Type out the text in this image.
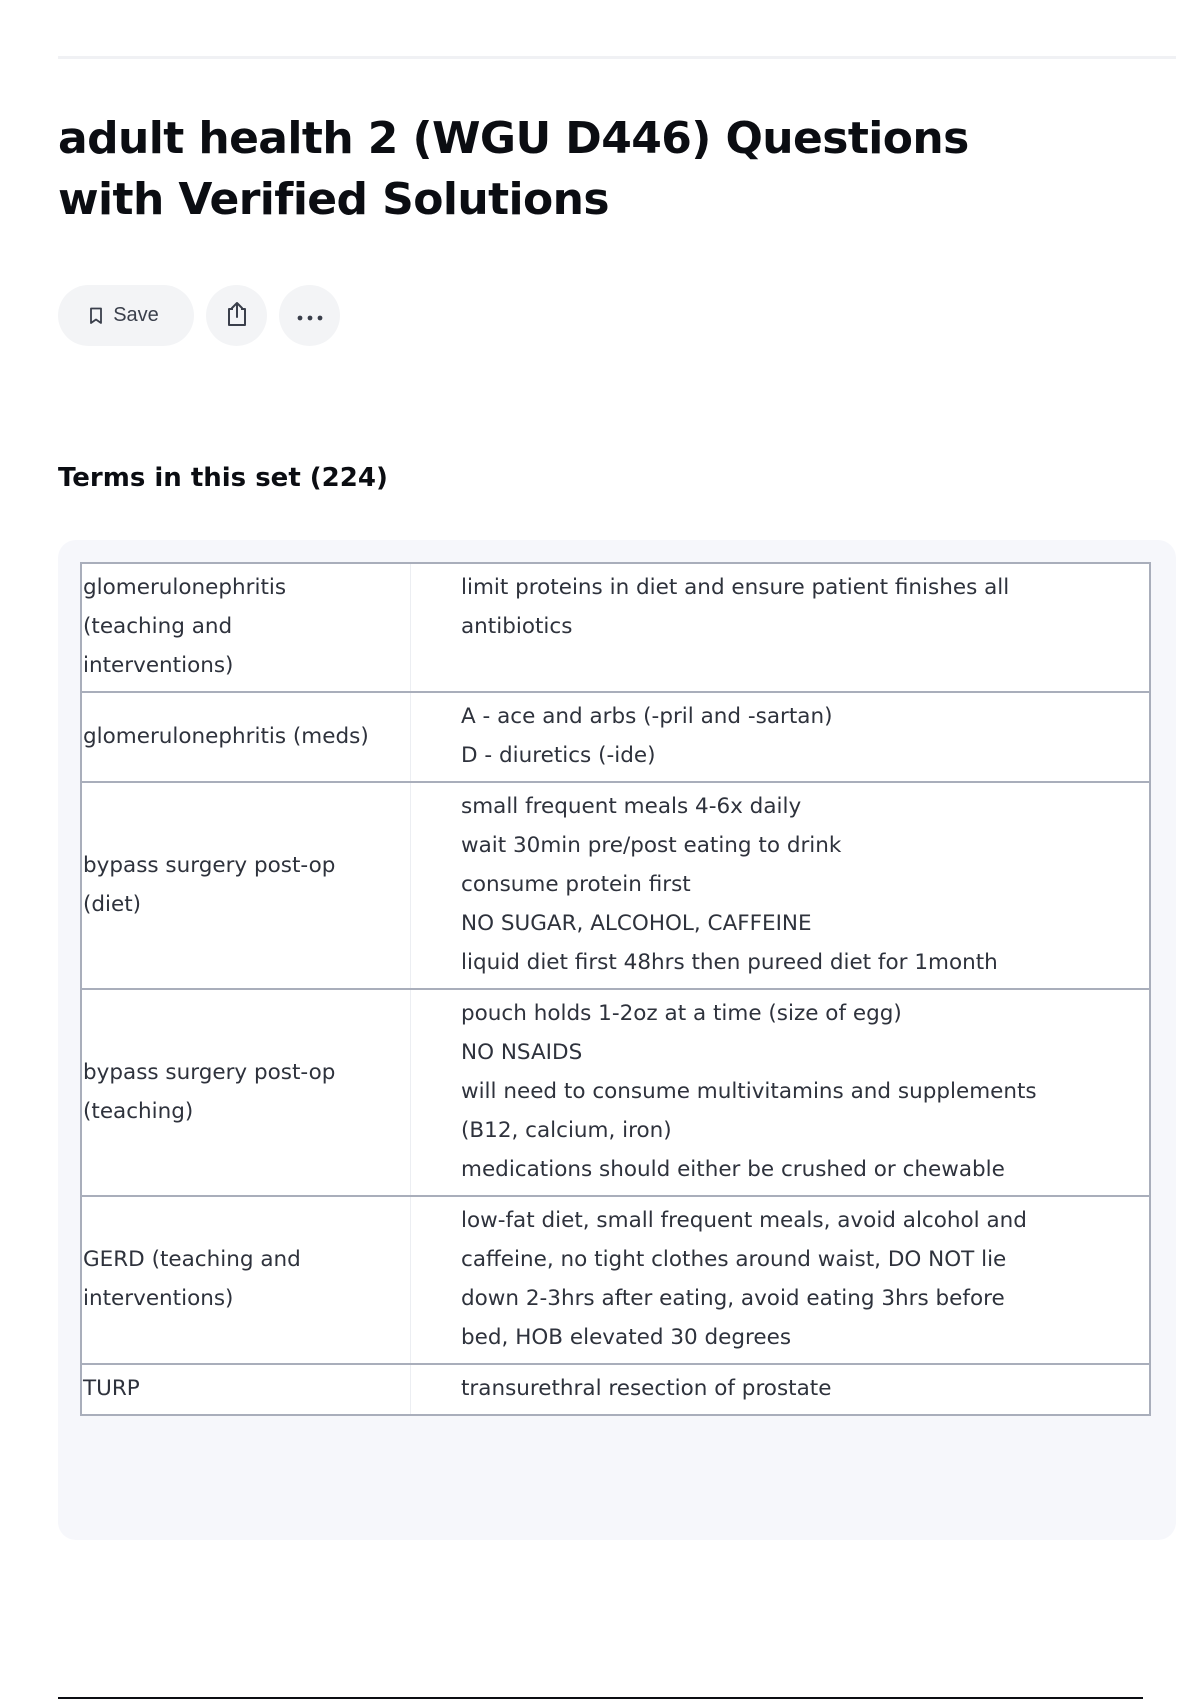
adult health 2 (WGU D446) Questions with Verified Solutions
Save
Terms in this set (224)
glomerulonephritis
(teaching and
interventions)	limit proteins in diet and ensure patient finishes all
antibiotics

glomerulonephritis (meds)	A - ace and arbs (-pril and -sartan)
D - diuretics (-ide)

bypass surgery post-op
(diet)	small frequent meals 4-6x daily
wait 30min pre/post eating to drink
consume protein first
NO SUGAR, ALCOHOL, CAFFEINE
liquid diet first 48hrs then pureed diet for 1month

bypass surgery post-op
(teaching)	pouch holds 1-2oz at a time (size of egg)
NO NSAIDS
will need to consume multivitamins and supplements
(B12, calcium, iron)
medications should either be crushed or chewable

GERD (teaching and
interventions)	low-fat diet, small frequent meals, avoid alcohol and
caffeine, no tight clothes around waist, DO NOT lie
down 2-3hrs after eating, avoid eating 3hrs before
bed, HOB elevated 30 degrees

TURP	transurethral resection of prostate
